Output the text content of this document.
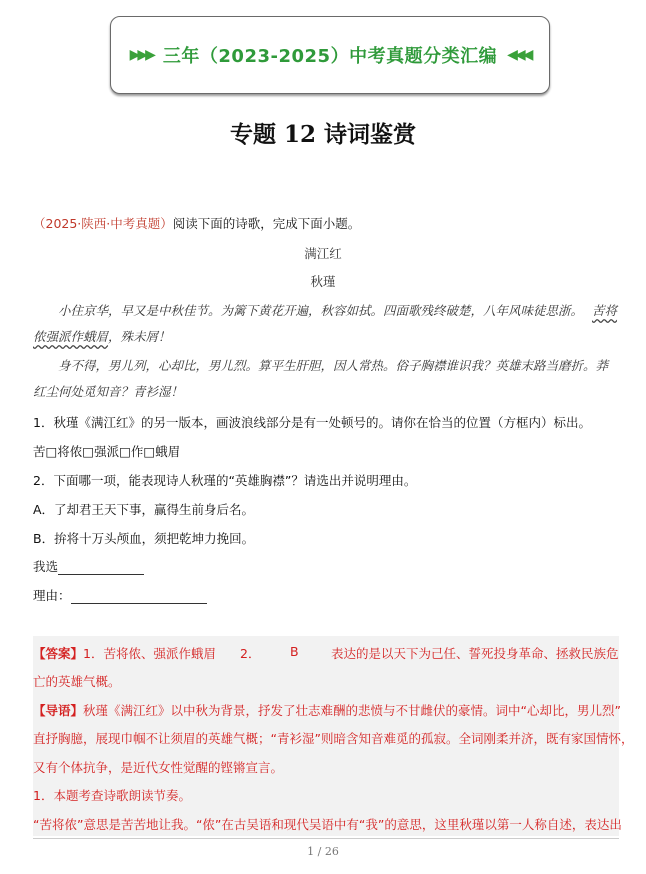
▶▶▶ 三年（2023-2025）中考真题分类汇编 ◀◀◀
专题 12 诗词鉴赏
（2025·陕西·中考真题）阅读下面的诗歌，完成下面小题。
满江红
秋瑾
小住京华，早又是中秋佳节。为篱下黄花开遍，秋容如拭。四面歌残终破楚，八年风味徒思浙。 苦将
侬强派作蛾眉，殊未屑！
身不得，男儿列，心却比，男儿烈。算平生肝胆，因人常热。俗子胸襟谁识我？英雄末路当磨折。莽
红尘何处觅知音？青衫湿！
1．秋瑾《满江红》的另一版本，画波浪线部分是有一处顿号的。请你在恰当的位置（方框内）标出。
苦□将侬□强派□作□蛾眉
2．下面哪一项，能表现诗人秋瑾的“英雄胸襟”？请选出并说明理由。
A．了却君王天下事，赢得生前身后名。
B．拚将十万头颅血，须把乾坤力挽回。
我选
理由：
【答案】1．苦将侬、强派作蛾眉 2． B	表达的是以天下为己任、誓死投身革命、拯救民族危
亡的英雄气概。
【导语】秋瑾《满江红》以中秋为背景，抒发了壮志难酬的悲愤与不甘雌伏的豪情。词中“心却比，男儿烈”
直抒胸臆，展现巾帼不让须眉的英雄气概；“青衫湿”则暗含知音难觅的孤寂。全词刚柔并济，既有家国情怀，
又有个体抗争，是近代女性觉醒的铿锵宣言。
1．本题考查诗歌朗读节奏。
“苦将侬”意思是苦苦地让我。“侬”在古吴语和现代吴语中有“我”的意思，这里秋瑾以第一人称自述，表达出
1 / 26
